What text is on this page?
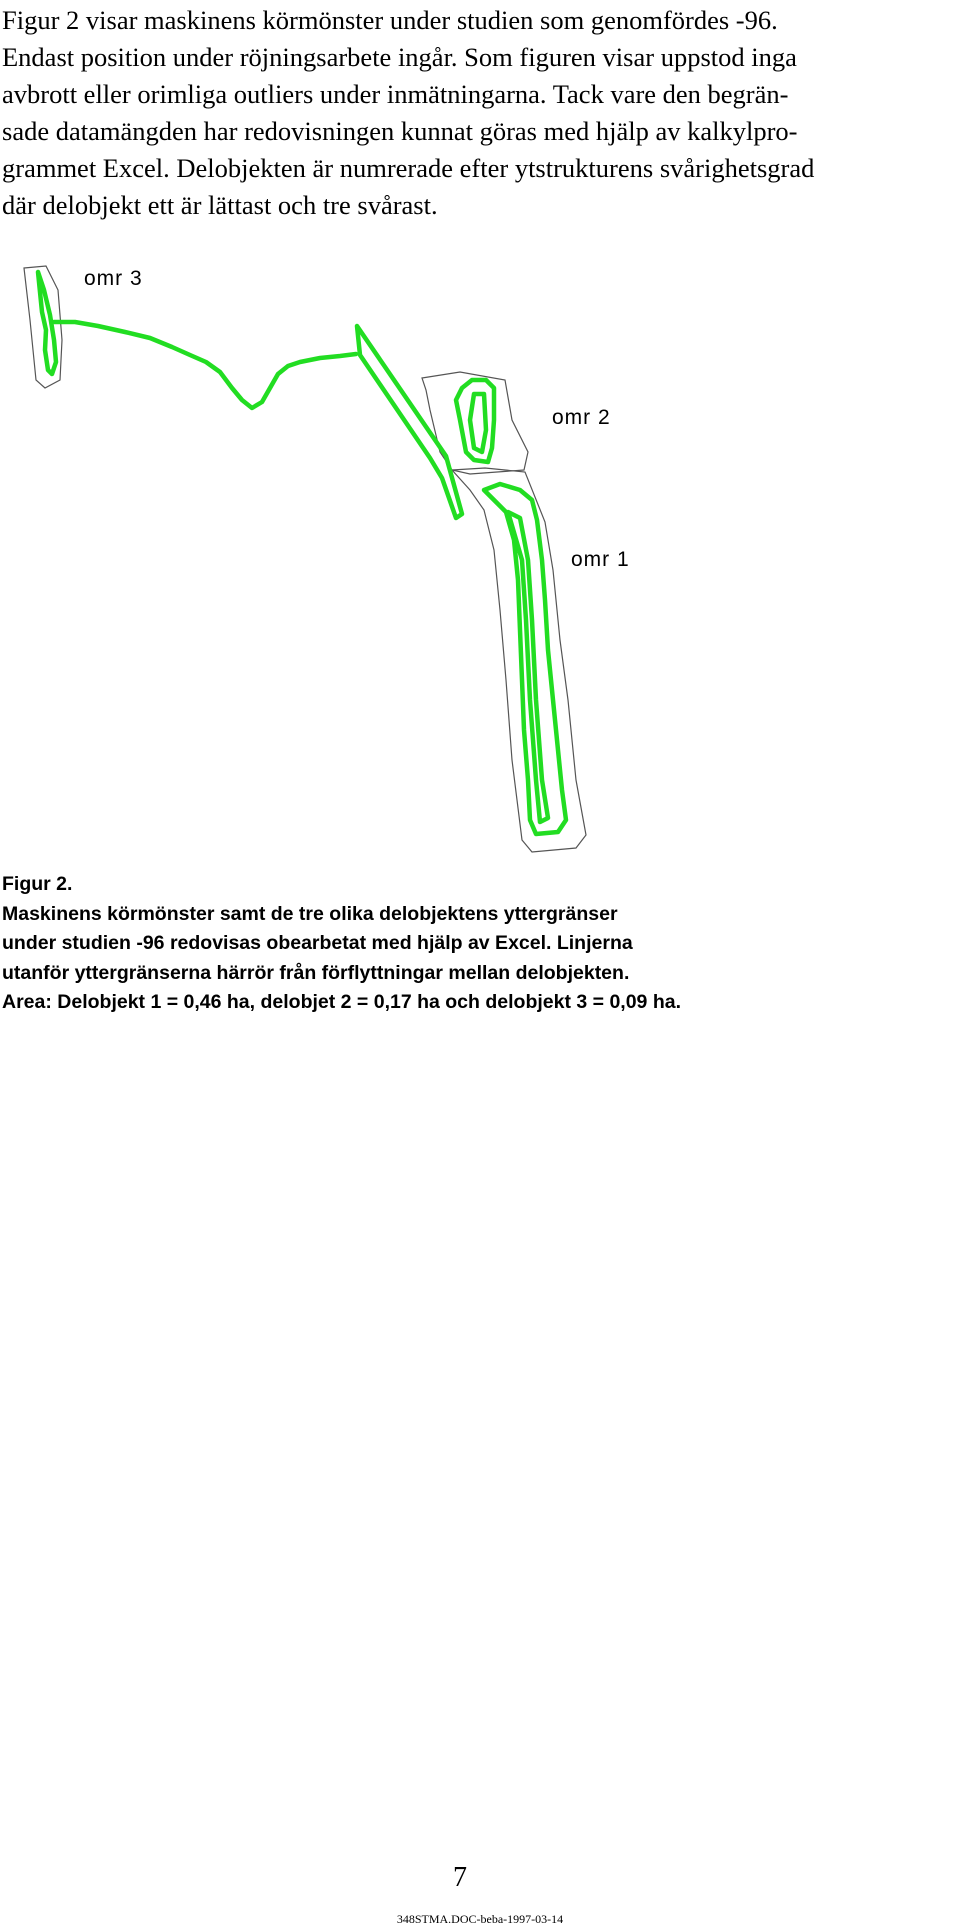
Figur 2 visar maskinens körmönster under studien som genomfördes -96.
Endast position under röjningsarbete ingår. Som figuren visar uppstod inga
avbrott eller orimliga outliers under inmätningarna. Tack vare den begrän-
sade datamängden har redovisningen kunnat göras med hjälp av kalkylpro-
grammet Excel. Delobjekten är numrerade efter ytstrukturens svårighetsgrad
där delobjekt ett är lättast och tre svårast.
omr 3
omr 2
omr 1
Figur 2.
Maskinens körmönster samt de tre olika delobjektens yttergränser
under studien -96 redovisas obearbetat med hjälp av Excel. Linjerna
utanför yttergränserna härrör från förflyttningar mellan delobjekten.
Area: Delobjekt 1 = 0,46 ha, delobjet 2 = 0,17 ha och delobjekt 3 = 0,09 ha.
7
348STMA.DOC-beba-1997-03-14
